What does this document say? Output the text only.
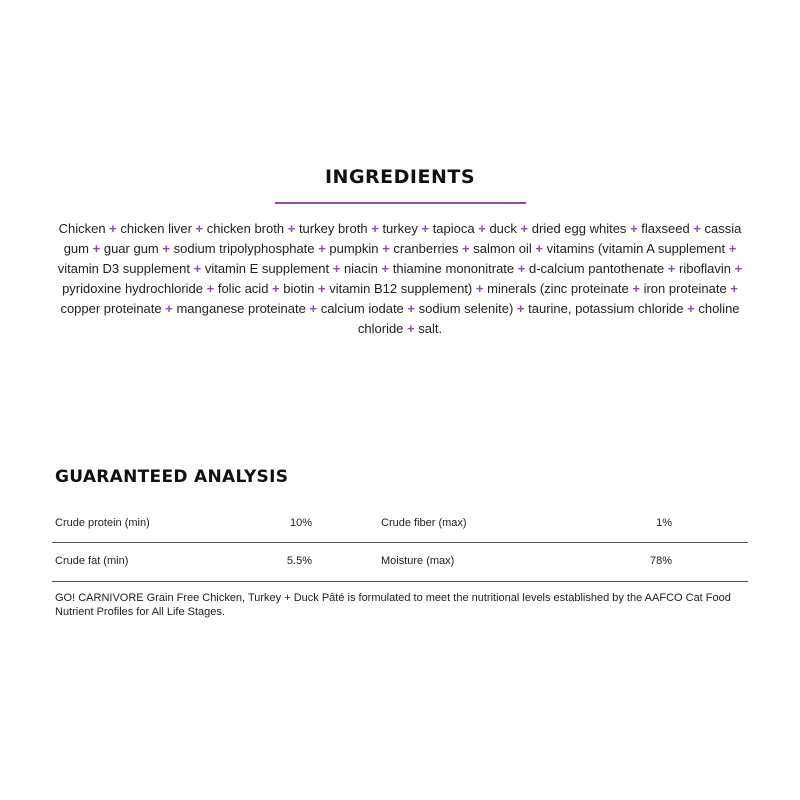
INGREDIENTS
Chicken + chicken liver + chicken broth + turkey broth + turkey + tapioca + duck + dried egg whites + flaxseed + cassia gum + guar gum + sodium tripolyphosphate + pumpkin + cranberries + salmon oil + vitamins (vitamin A supplement + vitamin D3 supplement + vitamin E supplement + niacin + thiamine mononitrate + d-calcium pantothenate + riboflavin + pyridoxine hydrochloride + folic acid + biotin + vitamin B12 supplement) + minerals (zinc proteinate + iron proteinate + copper proteinate + manganese proteinate + calcium iodate + sodium selenite) + taurine, potassium chloride + choline chloride + salt.
GUARANTEED ANALYSIS
Crude protein (min)	10%	Crude fiber (max)	1%
Crude fat (min)	5.5%	Moisture (max)	78%
GO! CARNIVORE Grain Free Chicken, Turkey + Duck Pâté is formulated to meet the nutritional levels established by the AAFCO Cat Food Nutrient Profiles for All Life Stages.
